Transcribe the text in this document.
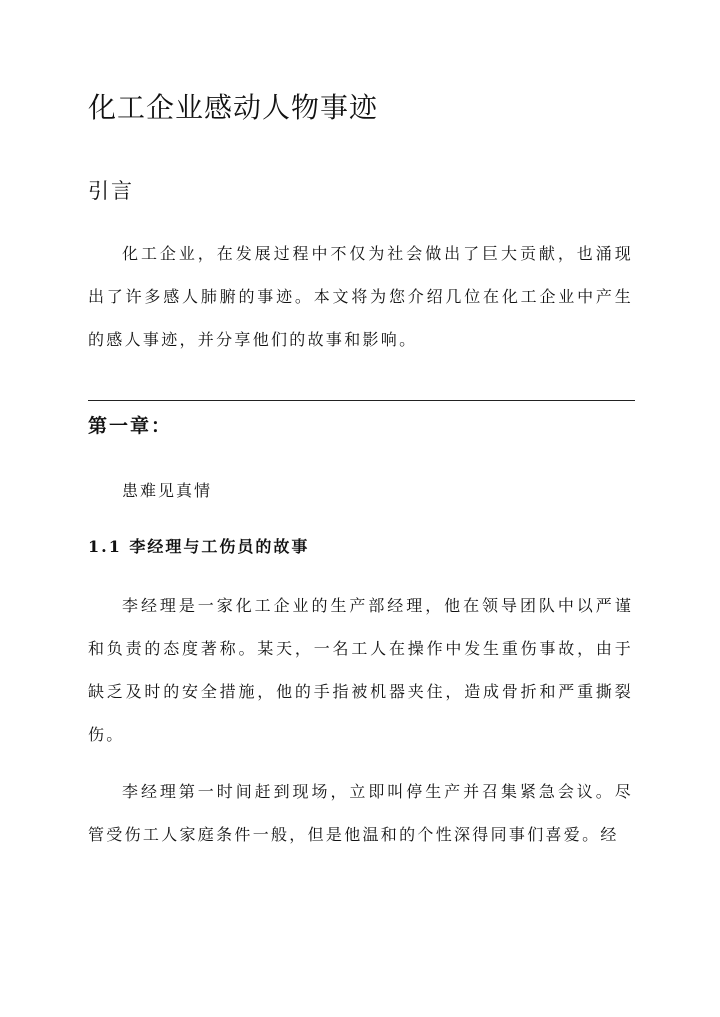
化工企业感动人物事迹
引言

化工企业，在发展过程中不仅为社会做出了巨大贡献，也涌现出了许多感人肺腑的事迹。本文将为您介绍几位在化工企业中产生的感人事迹，并分享他们的故事和影响。

第一章：

患难见真情

1.1 李经理与工伤员的故事

李经理是一家化工企业的生产部经理，他在领导团队中以严谨和负责的态度著称。某天，一名工人在操作中发生重伤事故，由于缺乏及时的安全措施，他的手指被机器夹住，造成骨折和严重撕裂伤。

李经理第一时间赶到现场，立即叫停生产并召集紧急会议。尽管受伤工人家庭条件一般，但是他温和的个性深得同事们喜爱。经
